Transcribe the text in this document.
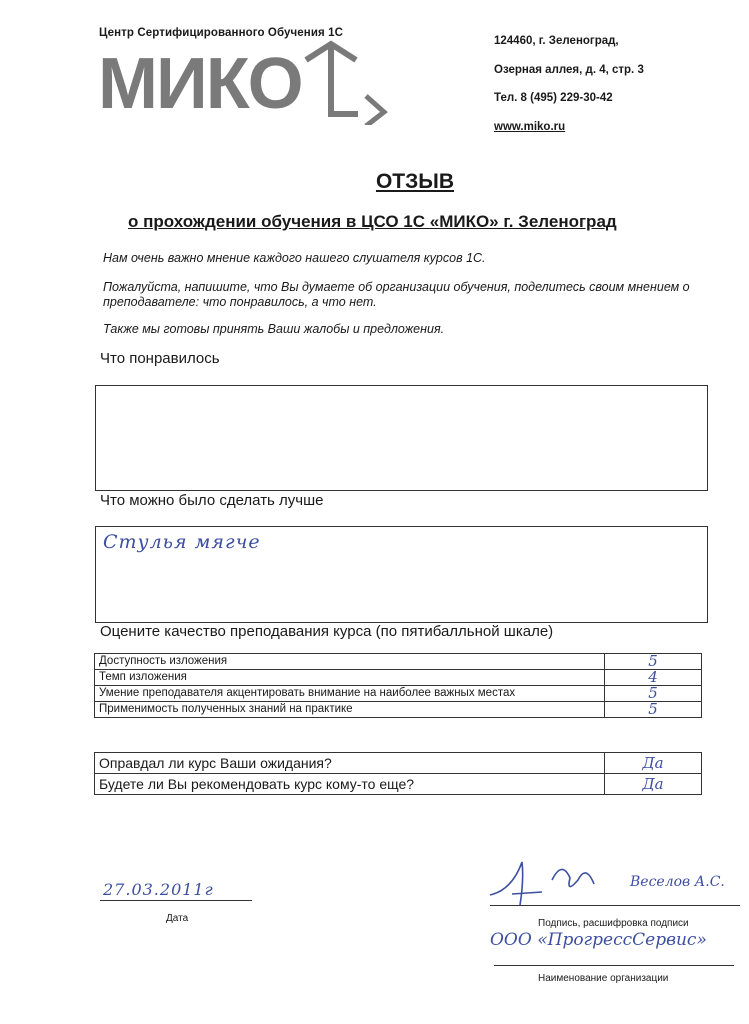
Центр Сертифицированного Обучения 1С
МИКО
124460, г. Зеленоград,
Озерная аллея, д. 4, стр. 3
Тел. 8 (495) 229-30-42
www.miko.ru
ОТЗЫВ
о прохождении обучения в ЦСО 1С «МИКО» г. Зеленоград
Нам очень важно мнение каждого нашего слушателя курсов 1С.
Пожалуйста, напишите, что Вы думаете об организации обучения, поделитесь своим мнением о преподавателе: что понравилось, а что нет.
Также мы готовы принять Ваши жалобы и предложения.
Что понравилось
Что можно было сделать лучше
Стулья мягче
Оцените качество преподавания курса (по пятибалльной шкале)
Доступность изложения	5
Темп изложения	4
Умение преподавателя акцентировать внимание на наиболее важных местах	5
Применимость полученных знаний на практике	5
Оправдал ли курс Ваши ожидания?	Да
Будете ли Вы рекомендовать курс кому-то еще?	Да
27.03.2011г
Дата
Веселов А.С.
Подпись, расшифровка подписи
ООО «ПрогрессСервис»
Наименование организации
